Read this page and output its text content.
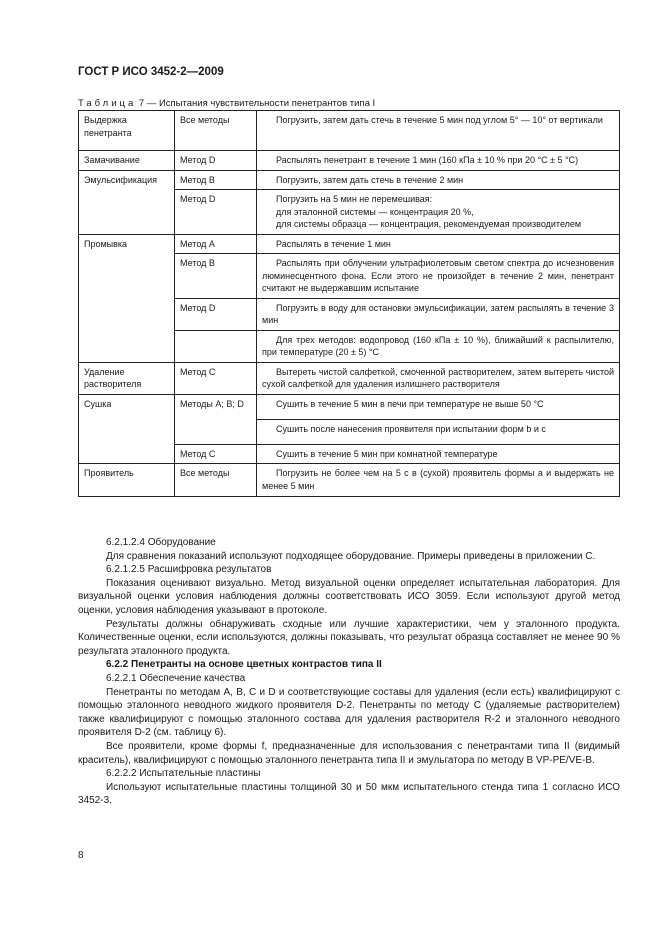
ГОСТ Р ИСО 3452-2—2009
Таблица 7 — Испытания чувствительности пенетрантов типа I
Выдержка пенетранта	Все методы	Погрузить, затем дать стечь в течение 5 мин под углом 5° — 10° от вертикали

Замачивание	Метод D	Распылять пенетрант в течение 1 мин (160 кПа ± 10 % при 20 °С ± 5 °С)

Эмульсификация	Метод В	Погрузить, затем дать стечь в течение 2 мин

	Метод D	Погрузить на 5 мин не перемешивая:
для эталонной системы — концентрация 20 %,
для системы образца — концентрация, рекомендуемая производителем

Промывка	Метод А	Распылять в течение 1 мин

	Метод В	Распылять при облучении ультрафиолетовым светом спектра до исчезновения люминесцентного фона. Если этого не произойдет в течение 2 мин, пенетрант считают не выдержавшим испытание

	Метод D	Погрузить в воду для остановки эмульсификации, затем распылять в течение 3 мин

		Для трех методов: водопровод (160 кПа ± 10 %), ближайший к распылителю, при температуре (20 ± 5) °С

Удаление растворителя	Метод С	Вытереть чистой салфеткой, смоченной растворителем, затем вытереть чистой сухой салфеткой для удаления излишнего растворителя

Сушка	Методы А; В; D	Сушить в течение 5 мин в печи при температуре не выше 50 °С

		Сушить после нанесения проявителя при испытании форм b и с

	Метод С	Сушить в течение 5 мин при комнатной температуре

Проявитель	Все методы	Погрузить не более чем на 5 с в (сухой) проявитель формы а и выдержать не менее 5 мин

6.2.1.2.4 Оборудование

Для сравнения показаний используют подходящее оборудование. Примеры приведены в приложении С.

6.2.1.2.5 Расшифровка результатов

Показания оценивают визуально. Метод визуальной оценки определяет испытательная лаборатория. Для визуальной оценки условия наблюдения должны соответствовать ИСО 3059. Если используют другой метод оценки, условия наблюдения указывают в протоколе.

Результаты должны обнаруживать сходные или лучшие характеристики, чем у эталонного продукта. Количественные оценки, если используются, должны показывать, что результат образца составляет не менее 90 % результата эталонного продукта.

6.2.2 Пенетранты на основе цветных контрастов типа II

6.2.2.1 Обеспечение качества

Пенетранты по методам А, В, С и D и соответствующие составы для удаления (если есть) квалифицируют с помощью эталонного неводного жидкого проявителя D-2. Пенетранты по методу С (удаляемые растворителем) также квалифицируют с помощью эталонного состава для удаления растворителя R-2 и эталонного неводного проявителя D-2 (см. таблицу 6).

Все проявители, кроме формы f, предназначенные для использования с пенетрантами типа II (видимый краситель), квалифицируют с помощью эталонного пенетранта типа II и эмульгатора по методу В VP-PE/VE-B.

6.2.2.2 Испытательные пластины

Используют испытательные пластины толщиной 30 и 50 мкм испытательного стенда типа 1 согласно ИСО 3452-3.

8
